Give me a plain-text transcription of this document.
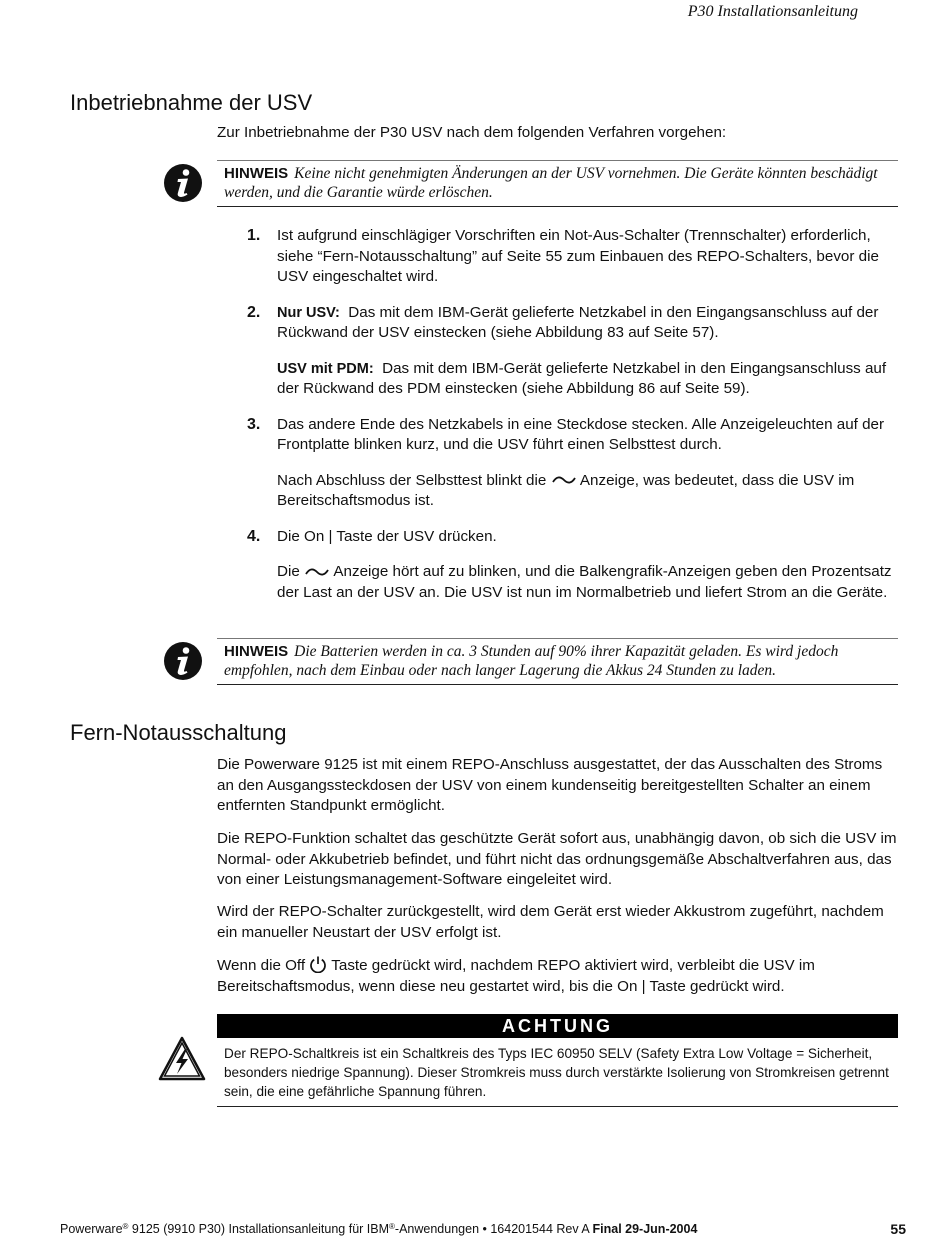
P30 Installationsanleitung
Inbetriebnahme der USV

Zur Inbetriebnahme der P30 USV nach dem folgenden Verfahren vorgehen:

HINWEIS Keine nicht genehmigten Änderungen an der USV vornehmen. Die Geräte könnten beschädigt werden, und die Garantie würde erlöschen.
1. Ist aufgrund einschlägiger Vorschriften ein Not-Aus-Schalter (Trennschalter) erforderlich, siehe “Fern-Notausschaltung” auf Seite 55 zum Einbauen des REPO-Schalters, bevor die USV eingeschaltet wird.

2. Nur USV: Das mit dem IBM-Gerät gelieferte Netzkabel in den Eingangsanschluss auf der Rückwand der USV einstecken (siehe Abbildung 83 auf Seite 57).

USV mit PDM: Das mit dem IBM-Gerät gelieferte Netzkabel in den Eingangsanschluss auf der Rückwand des PDM einstecken (siehe Abbildung 86 auf Seite 59).

3. Das andere Ende des Netzkabels in eine Steckdose stecken. Alle Anzeigeleuchten auf der Frontplatte blinken kurz, und die USV führt einen Selbsttest durch.

Nach Abschluss der Selbsttest blinkt die Anzeige, was bedeutet, dass die USV im Bereitschaftsmodus ist.

4. Die On | Taste der USV drücken.

Die Anzeige hört auf zu blinken, und die Balkengrafik-Anzeigen geben den Prozentsatz der Last an der USV an. Die USV ist nun im Normalbetrieb und liefert Strom an die Geräte.

HINWEIS Die Batterien werden in ca. 3 Stunden auf 90% ihrer Kapazität geladen. Es wird jedoch empfohlen, nach dem Einbau oder nach langer Lagerung die Akkus 24 Stunden zu laden.
Fern-Notausschaltung

Die Powerware 9125 ist mit einem REPO-Anschluss ausgestattet, der das Ausschalten des Stroms an den Ausgangssteckdosen der USV von einem kundenseitig bereitgestellten Schalter an einem entfernten Standpunkt ermöglicht.

Die REPO-Funktion schaltet das geschützte Gerät sofort aus, unabhängig davon, ob sich die USV im Normal- oder Akkubetrieb befindet, und führt nicht das ordnungsgemäße Abschaltverfahren aus, das von einer Leistungsmanagement-Software eingeleitet wird.

Wird der REPO-Schalter zurückgestellt, wird dem Gerät erst wieder Akkustrom zugeführt, nachdem ein manueller Neustart der USV erfolgt ist.

Wenn die Off Taste gedrückt wird, nachdem REPO aktiviert wird, verbleibt die USV im Bereitschaftsmodus, wenn diese neu gestartet wird, bis die On | Taste gedrückt wird.

ACHTUNG
Der REPO-Schaltkreis ist ein Schaltkreis des Typs IEC 60950 SELV (Safety Extra Low Voltage = Sicherheit, besonders niedrige Spannung). Dieser Stromkreis muss durch verstärkte Isolierung von Stromkreisen getrennt sein, die eine gefährliche Spannung führen.
Powerware® 9125 (9910 P30) Installationsanleitung für IBM®-Anwendungen • 164201544 Rev A Final 29-Jun-2004	55
